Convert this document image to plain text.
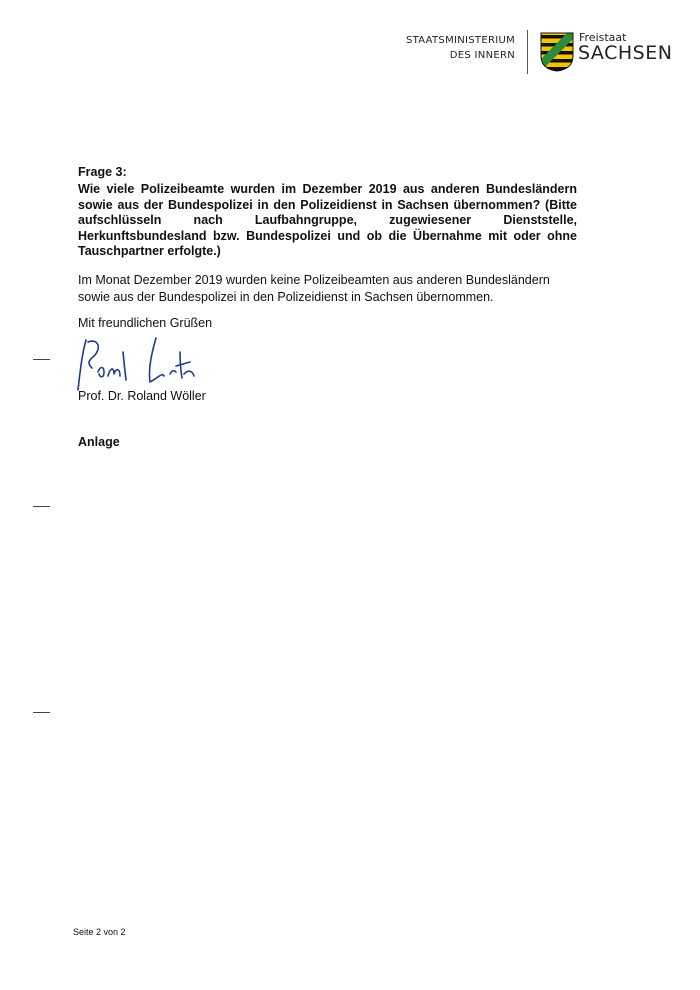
STAATSMINISTERIUM
DES INNERN
Freistaat
SACHSEN
Frage 3:

Wie viele Polizeibeamte wurden im Dezember 2019 aus anderen Bundesländern sowie aus der Bundespolizei in den Polizeidienst in Sachsen übernommen? (Bitte aufschlüsseln nach Laufbahngruppe, zugewiesener Dienststelle, Herkunftsbundesland bzw. Bundespolizei und ob die Übernahme mit oder ohne Tauschpartner erfolgte.)

Im Monat Dezember 2019 wurden keine Polizeibeamten aus anderen Bundesländern
sowie aus der Bundespolizei in den Polizeidienst in Sachsen übernommen.
Mit freundlichen Grüßen
Prof. Dr. Roland Wöller
Anlage
Seite 2 von 2
